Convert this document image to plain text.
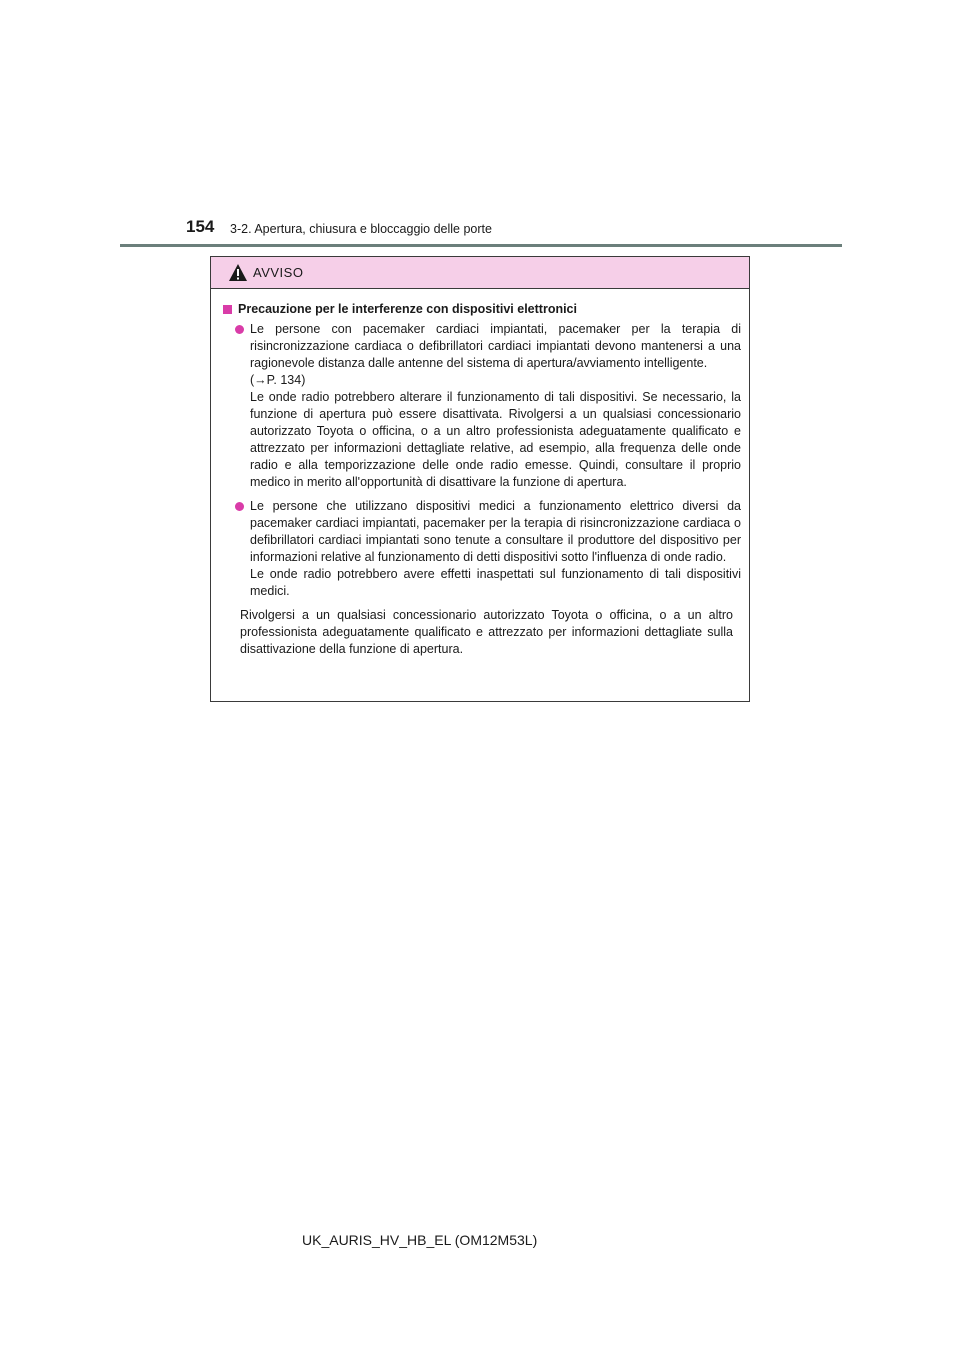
154 3-2. Apertura, chiusura e bloccaggio delle porte
AVVISO
Precauzione per le interferenze con dispositivi elettronici

Le persone con pacemaker cardiaci impiantati, pacemaker per la terapia di risincronizzazione cardiaca o defibrillatori cardiaci impiantati devono mantenersi a una ragionevole distanza dalle antenne del sistema di apertura/avviamento intelligente.

(→P. 134)

Le onde radio potrebbero alterare il funzionamento di tali dispositivi. Se necessario, la funzione di apertura può essere disattivata. Rivolgersi a un qualsiasi concessionario autorizzato Toyota o officina, o a un altro professionista adeguatamente qualificato e attrezzato per informazioni dettagliate relative, ad esempio, alla frequenza delle onde radio e alla temporizzazione delle onde radio emesse. Quindi, consultare il proprio medico in merito all'opportunità di disattivare la funzione di apertura.

Le persone che utilizzano dispositivi medici a funzionamento elettrico diversi da pacemaker cardiaci impiantati, pacemaker per la terapia di risincronizzazione cardiaca o defibrillatori cardiaci impiantati sono tenute a consultare il produttore del dispositivo per informazioni relative al funzionamento di detti dispositivi sotto l'influenza di onde radio.

Le onde radio potrebbero avere effetti inaspettati sul funzionamento di tali dispositivi medici.

Rivolgersi a un qualsiasi concessionario autorizzato Toyota o officina, o a un altro professionista adeguatamente qualificato e attrezzato per informazioni dettagliate sulla disattivazione della funzione di apertura.

UK_AURIS_HV_HB_EL (OM12M53L)
